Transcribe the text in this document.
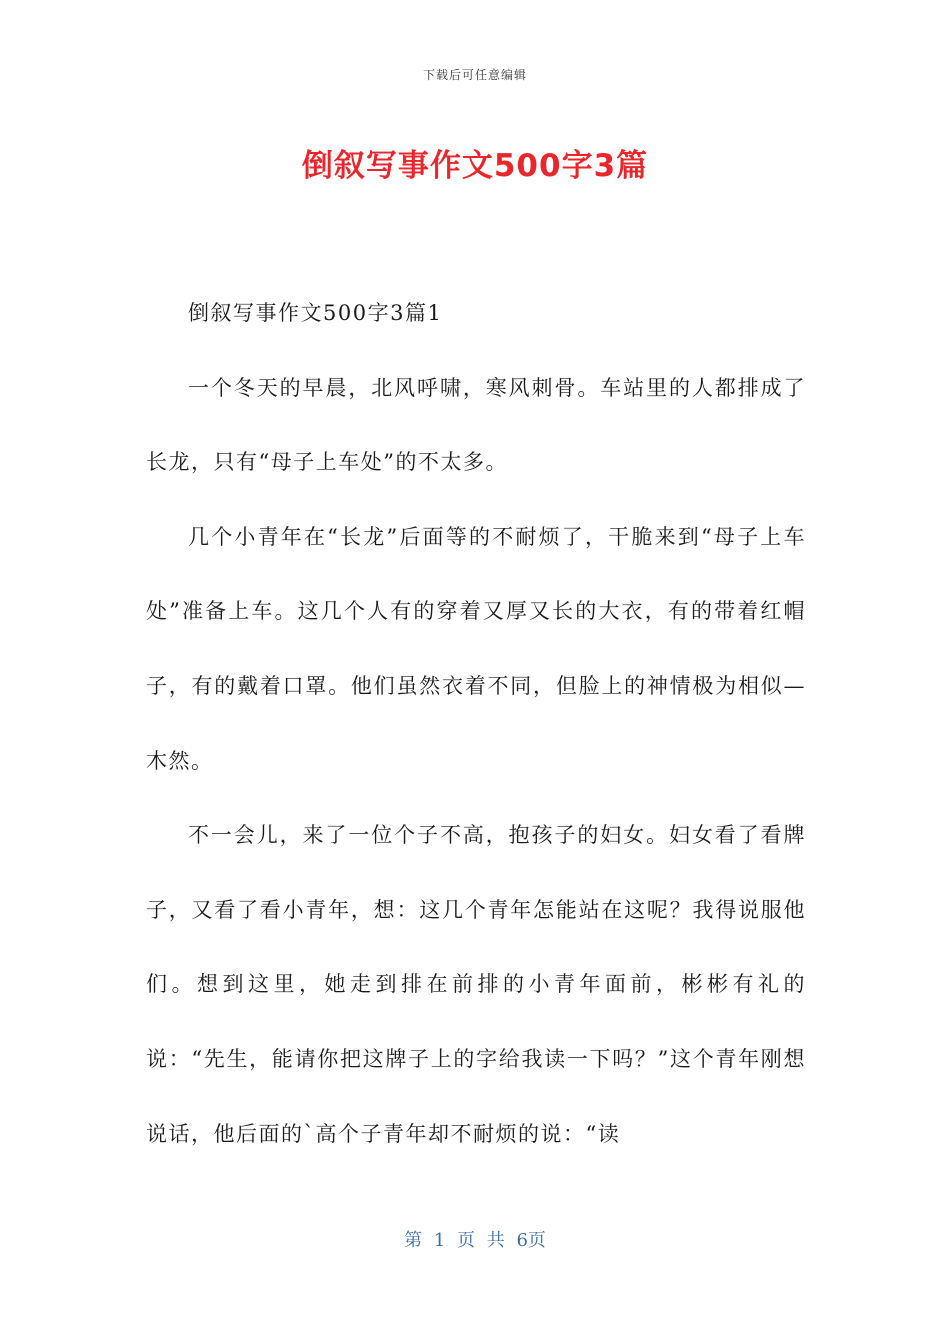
下载后可任意编辑
倒叙写事作文500字3篇

倒叙写事作文500字3篇1

一个冬天的早晨，北风呼啸，寒风刺骨。车站里的人都排成了长龙，只有“母子上车处”的不太多。

几个小青年在“长龙”后面等的不耐烦了，干脆来到“母子上车处”准备上车。这几个人有的穿着又厚又长的大衣，有的带着红帽子，有的戴着口罩。他们虽然衣着不同，但脸上的神情极为相似—木然。

不一会儿，来了一位个子不高，抱孩子的妇女。妇女看了看牌子，又看了看小青年，想：这几个青年怎能站在这呢？我得说服他们。想到这里，她走到排在前排的小青年面前，彬彬有礼的说：“先生，能请你把这牌子上的字给我读一下吗？”这个青年刚想说话，他后面的`高个子青年却不耐烦的说：“读

第 1 页 共 6页
